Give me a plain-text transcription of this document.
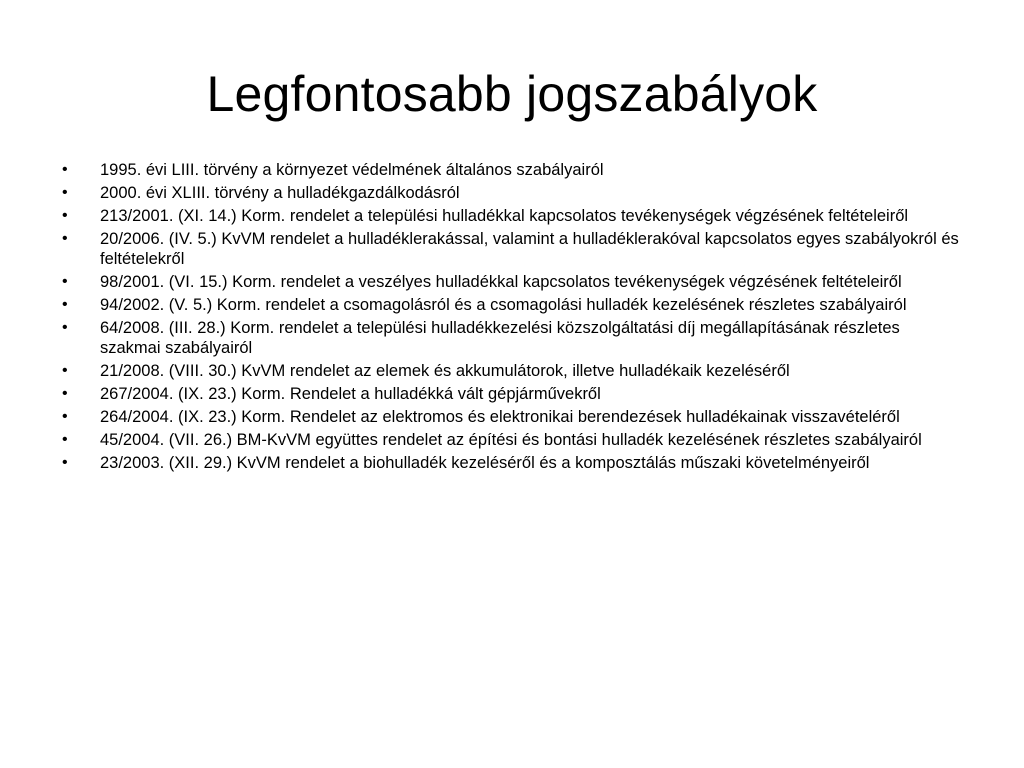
Legfontosabb jogszabályok
•	1995. évi LIII. törvény a környezet védelmének általános szabályairól
•	2000. évi XLIII. törvény a hulladékgazdálkodásról
•	213/2001. (XI. 14.) Korm. rendelet a települési hulladékkal kapcsolatos tevékenységek végzésének feltételeiről
•	20/2006. (IV. 5.) KvVM rendelet a hulladéklerakással, valamint a hulladéklerakóval kapcsolatos egyes szabályokról és feltételekről
•	98/2001. (VI. 15.) Korm. rendelet a veszélyes hulladékkal kapcsolatos tevékenységek végzésének feltételeiről
•	94/2002. (V. 5.) Korm. rendelet a csomagolásról és a csomagolási hulladék kezelésének részletes szabályairól
•	64/2008. (III. 28.) Korm. rendelet a települési hulladékkezelési közszolgáltatási díj megállapításának részletes szakmai szabályairól
•	21/2008. (VIII. 30.) KvVM rendelet az elemek és akkumulátorok, illetve hulladékaik kezeléséről
•	267/2004. (IX. 23.) Korm. Rendelet a hulladékká vált gépjárművekről
•	264/2004. (IX. 23.) Korm. Rendelet az elektromos és elektronikai berendezések hulladékainak visszavételéről
•	45/2004. (VII. 26.) BM-KvVM együttes rendelet az építési és bontási hulladék kezelésének részletes szabályairól
•	23/2003. (XII. 29.) KvVM rendelet a biohulladék kezeléséről és a komposztálás műszaki követelményeiről
